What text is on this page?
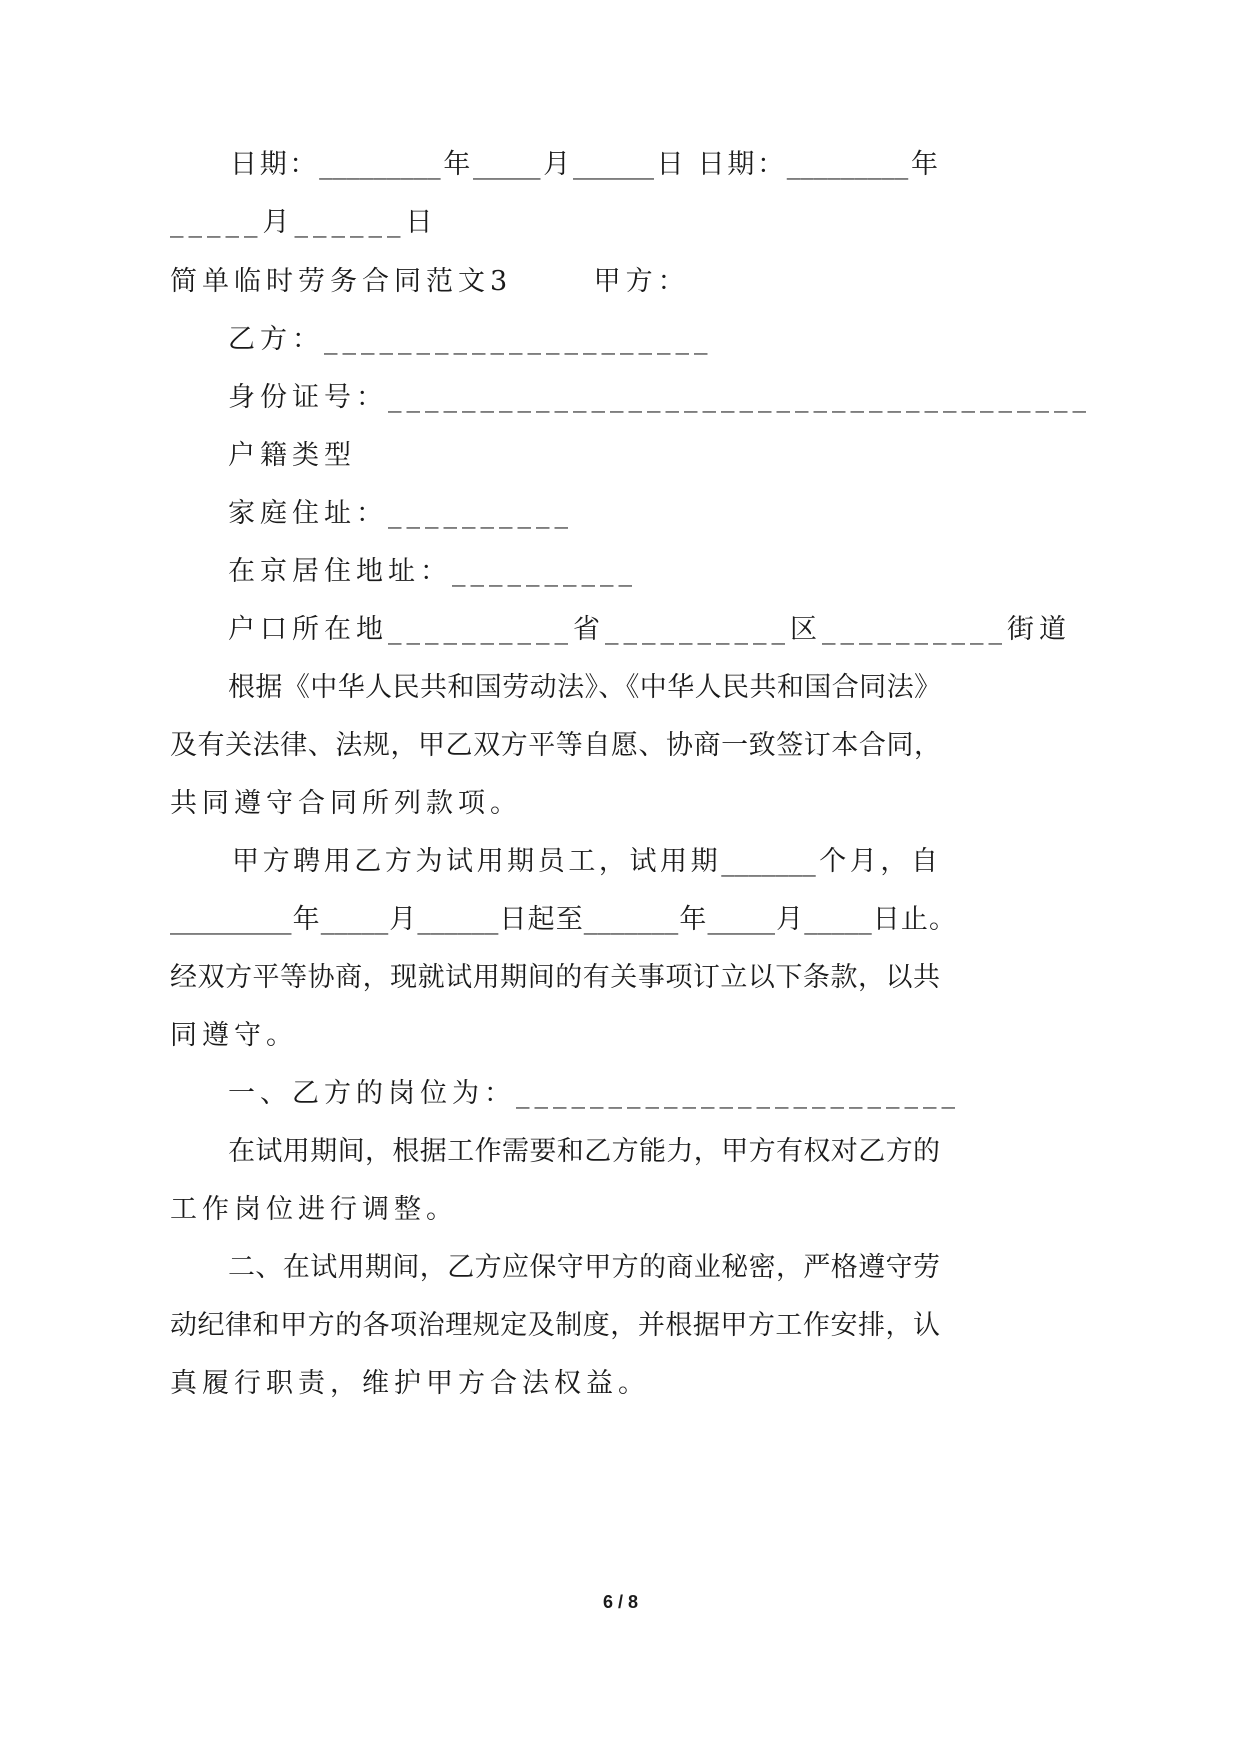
日期：_________年_____月______日 日期：_________年
_____月______日
简单临时劳务合同范文3      甲方：
乙方：_____________________
身份证号：______________________________________
户籍类型
家庭住址：__________
在京居住地址：__________
户口所在地__________省__________区__________街道
根据《中华人民共和国劳动法》、《中华人民共和国合同法》
及有关法律、法规，甲乙双方平等自愿、协商一致签订本合同，
共同遵守合同所列款项。
甲方聘用乙方为试用期员工，试用期_______个月，自
_________年_____月______日起至_______年_____月_____日止。
经双方平等协商，现就试用期间的有关事项订立以下条款，以共
同遵守。
一、乙方的岗位为：________________________
在试用期间，根据工作需要和乙方能力，甲方有权对乙方的
工作岗位进行调整。
二、在试用期间，乙方应保守甲方的商业秘密，严格遵守劳
动纪律和甲方的各项治理规定及制度，并根据甲方工作安排，认
真履行职责，维护甲方合法权益。
6 / 8
